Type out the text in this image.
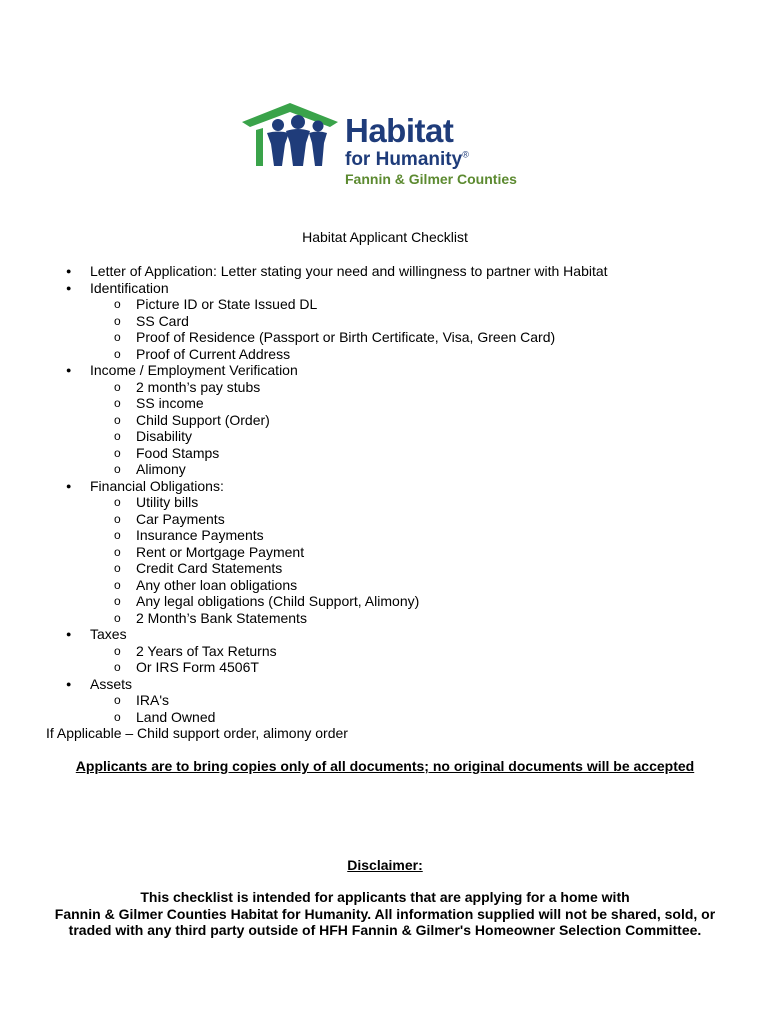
Habitat
for Humanity®
Fannin & Gilmer Counties
Habitat Applicant Checklist
● Letter of Application: Letter stating your need and willingness to partner with Habitat
● Identification
o Picture ID or State Issued DL
o SS Card
o Proof of Residence (Passport or Birth Certificate, Visa, Green Card)
o Proof of Current Address
● Income / Employment Verification
o 2 month’s pay stubs
o SS income
o Child Support (Order)
o Disability
o Food Stamps
o Alimony
● Financial Obligations:
o Utility bills
o Car Payments
o Insurance Payments
o Rent or Mortgage Payment
o Credit Card Statements
o Any other loan obligations
o Any legal obligations (Child Support, Alimony)
o 2 Month’s Bank Statements
● Taxes
o 2 Years of Tax Returns
o Or IRS Form 4506T
● Assets
o IRA's
o Land Owned
If Applicable – Child support order, alimony order
Applicants are to bring copies only of all documents; no original documents will be accepted
Disclaimer:
This checklist is intended for applicants that are applying for a home with
Fannin & Gilmer Counties Habitat for Humanity. All information supplied will not be shared, sold, or
traded with any third party outside of HFH Fannin & Gilmer's Homeowner Selection Committee.
